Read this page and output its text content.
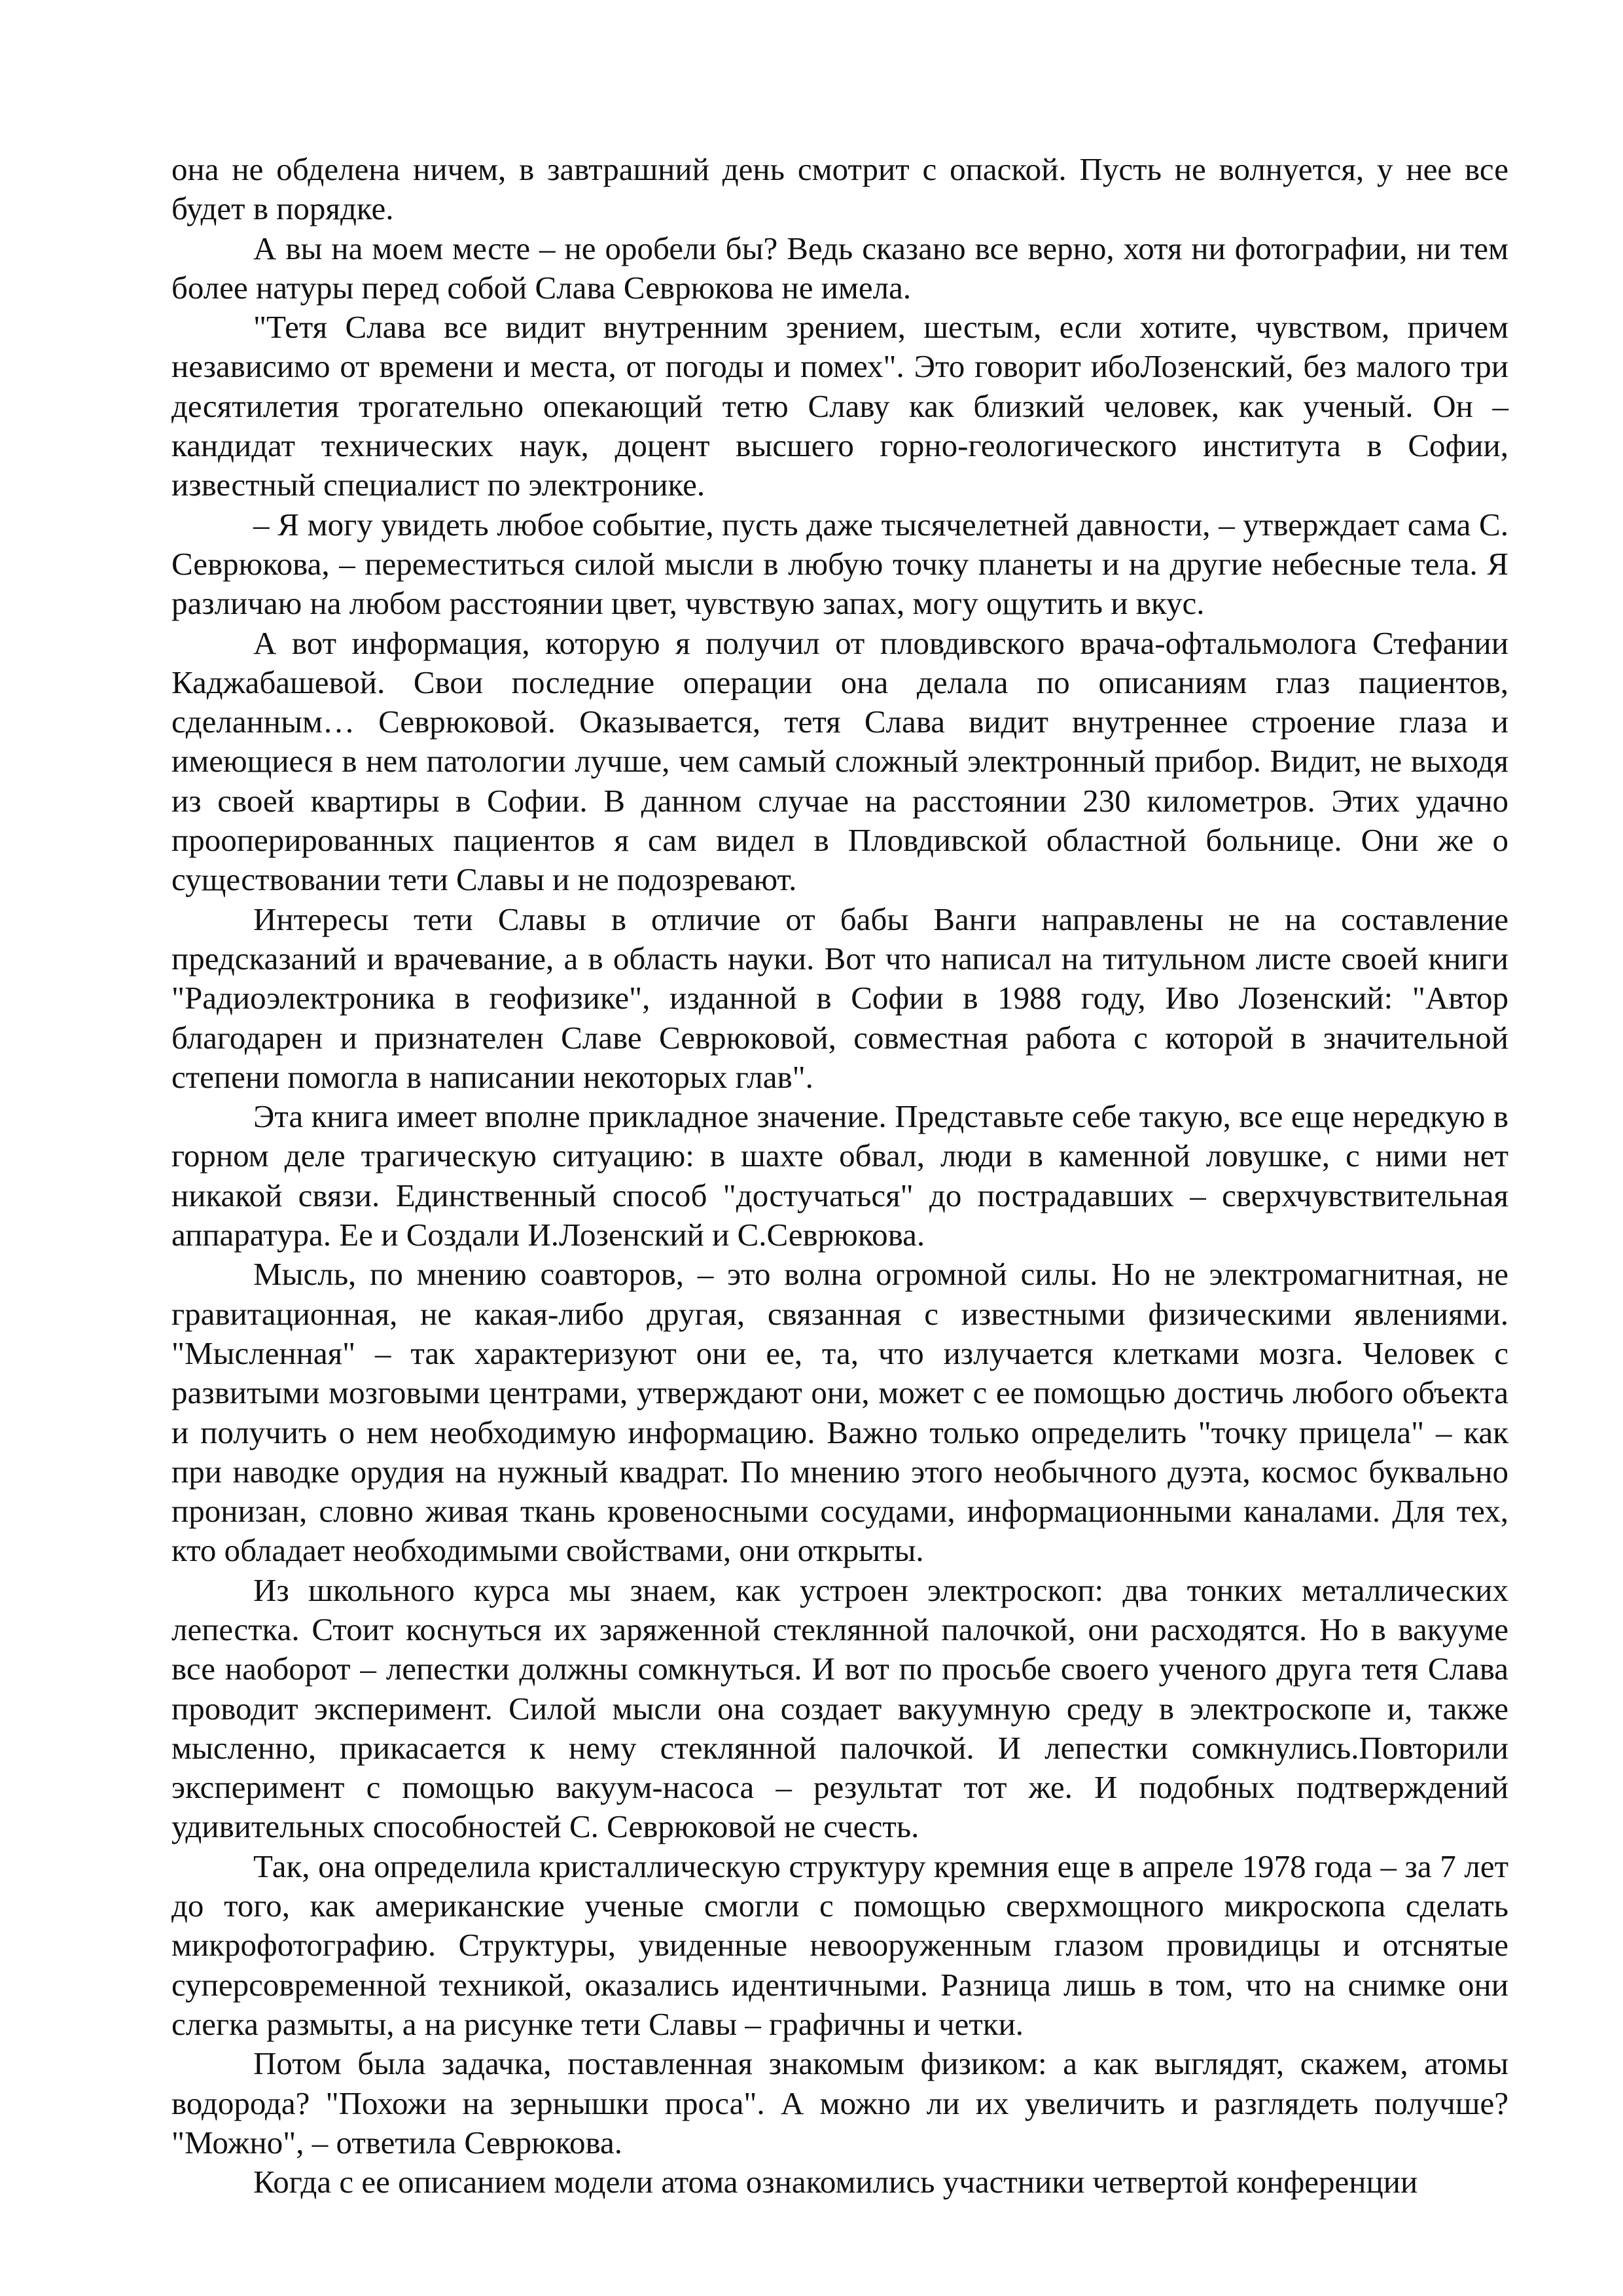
она не обделена ничем, в завтрашний день смотрит с опаской. Пусть не волнуется, у нее все будет в порядке.

А вы на моем месте – не оробели бы? Ведь сказано все верно, хотя ни фотографии, ни тем более натуры перед собой Слава Севрюкова не имела.

"Тетя Слава все видит внутренним зрением, шестым, если хотите, чувством, причем независимо от времени и места, от погоды и помех". Это говорит ибоЛозенский, без малого три десятилетия трогательно опекающий тетю Славу как близкий человек, как ученый. Он – кандидат технических наук, доцент высшего горно-геологического института в Софии, известный специалист по электронике.

– Я могу увидеть любое событие, пусть даже тысячелетней давности, – утверждает сама С. Севрюкова, – переместиться силой мысли в любую точку планеты и на другие небесные тела. Я различаю на любом расстоянии цвет, чувствую запах, могу ощутить и вкус.

А вот информация, которую я получил от пловдивского врача-офтальмолога Стефании Каджабашевой. Свои последние операции она делала по описаниям глаз пациентов, сделанным… Севрюковой. Оказывается, тетя Слава видит внутреннее строение глаза и имеющиеся в нем патологии лучше, чем самый сложный электронный прибор. Видит, не выходя из своей квартиры в Софии. В данном случае на расстоянии 230 километров. Этих удачно прооперированных пациентов я сам видел в Пловдивской областной больнице. Они же о существовании тети Славы и не подозревают.

Интересы тети Славы в отличие от бабы Ванги направлены не на составление предсказаний и врачевание, а в область науки. Вот что написал на титульном листе своей книги "Радиоэлектроника в геофизике", изданной в Софии в 1988 году, Иво Лозенский: "Автор благодарен и признателен Славе Севрюковой, совместная работа с которой в значительной степени помогла в написании некоторых глав".

Эта книга имеет вполне прикладное значение. Представьте себе такую, все еще нередкую в горном деле трагическую ситуацию: в шахте обвал, люди в каменной ловушке, с ними нет никакой связи. Единственный способ "достучаться" до пострадавших – сверхчувствительная аппаратура. Ее и Создали И.Лозенский и С.Севрюкова.

Мысль, по мнению соавторов, – это волна огромной силы. Но не электромагнитная, не гравитационная, не какая-либо другая, связанная с известными физическими явлениями. "Мысленная" – так характеризуют они ее, та, что излучается клетками мозга. Человек с развитыми мозговыми центрами, утверждают они, может с ее помощью достичь любого объекта и получить о нем необходимую информацию. Важно только определить "точку прицела" – как при наводке орудия на нужный квадрат. По мнению этого необычного дуэта, космос буквально пронизан, словно живая ткань кровеносными сосудами, информационными каналами. Для тех, кто обладает необходимыми свойствами, они открыты.

Из школьного курса мы знаем, как устроен электроскоп: два тонких металлических лепестка. Стоит коснуться их заряженной стеклянной палочкой, они расходятся. Но в вакууме все наоборот – лепестки должны сомкнуться. И вот по просьбе своего ученого друга тетя Слава проводит эксперимент. Силой мысли она создает вакуумную среду в электроскопе и, также мысленно, прикасается к нему стеклянной палочкой. И лепестки сомкнулись.Повторили эксперимент с помощью вакуум-насоса – результат тот же. И подобных подтверждений удивительных способностей С. Севрюковой не счесть.

Так, она определила кристаллическую структуру кремния еще в апреле 1978 года – за 7 лет до того, как американские ученые смогли с помощью сверхмощного микроскопа сделать микрофотографию. Структуры, увиденные невооруженным глазом провидицы и отснятые суперсовременной техникой, оказались идентичными. Разница лишь в том, что на снимке они слегка размыты, а на рисунке тети Славы – графичны и четки.

Потом была задачка, поставленная знакомым физиком: а как выглядят, скажем, атомы водорода? "Похожи на зернышки проса". А можно ли их увеличить и разглядеть получше? "Можно", – ответила Севрюкова.

Когда с ее описанием модели атома ознакомились участники четвертой конференции
